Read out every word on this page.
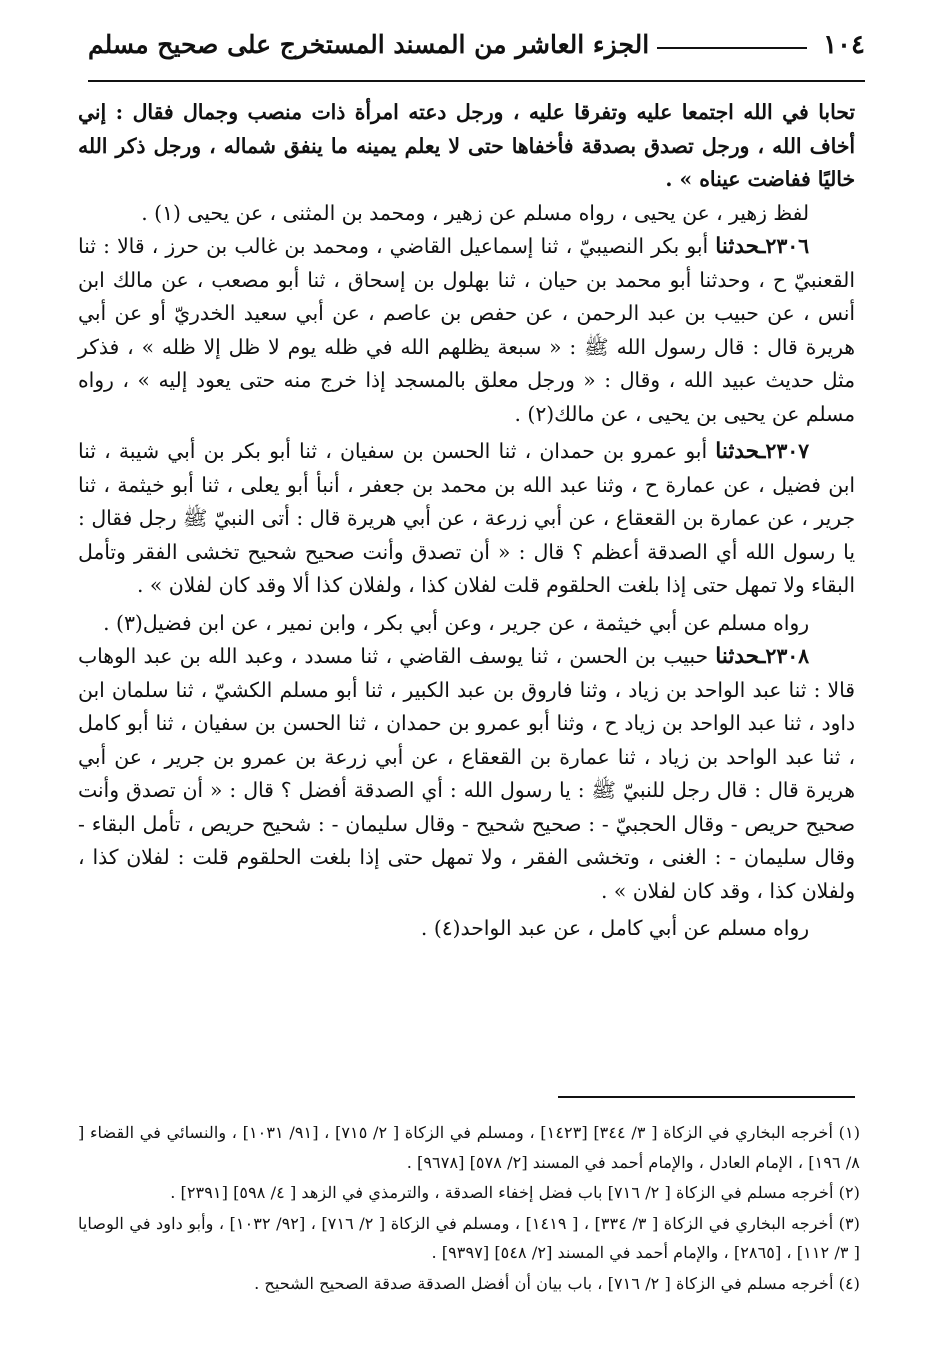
١٠٤
الجزء العاشر من المسند المستخرج على صحيح مسلم

تحابا في الله اجتمعا عليه وتفرقا عليه ، ورجل دعته امرأة ذات منصب وجمال فقال : إني أخاف الله ، ورجل تصدق بصدقة فأخفاها حتى لا يعلم يمينه ما ينفق شماله ، ورجل ذكر الله خاليًا ففاضت عيناه » .

لفظ زهير ، عن يحيى ، رواه مسلم عن زهير ، ومحمد بن المثنى ، عن يحيى (١) .

٢٣٠٦ـحدثنا أبو بكر النصيبيّ ، ثنا إسماعيل القاضي ، ومحمد بن غالب بن حرز ، قالا : ثنا القعنبيّ ح ، وحدثنا أبو محمد بن حيان ، ثنا بهلول بن إسحاق ، ثنا أبو مصعب ، عن مالك ابن أنس ، عن حبيب بن عبد الرحمن ، عن حفص بن عاصم ، عن أبي سعيد الخدريّ أو عن أبي هريرة قال : قال رسول الله ﷺ : « سبعة يظلهم الله في ظله يوم لا ظل إلا ظله » ، فذكر مثل حديث عبيد الله ، وقال : « ورجل معلق بالمسجد إذا خرج منه حتى يعود إليه » ، رواه مسلم عن يحيى بن يحيى ، عن مالك(٢) .

٢٣٠٧ـحدثنا أبو عمرو بن حمدان ، ثنا الحسن بن سفيان ، ثنا أبو بكر بن أبي شيبة ، ثنا ابن فضيل ، عن عمارة ح ، وثنا عبد الله بن محمد بن جعفر ، أنبأ أبو يعلى ، ثنا أبو خيثمة ، ثنا جرير ، عن عمارة بن القعقاع ، عن أبي زرعة ، عن أبي هريرة قال : أتى النبيّ ﷺ رجل فقال : يا رسول الله أي الصدقة أعظم ؟ قال : « أن تصدق وأنت صحيح شحيح تخشى الفقر وتأمل البقاء ولا تمهل حتى إذا بلغت الحلقوم قلت لفلان كذا ، ولفلان كذا ألا وقد كان لفلان » .

رواه مسلم عن أبي خيثمة ، عن جرير ، وعن أبي بكر ، وابن نمير ، عن ابن فضيل(٣) .

٢٣٠٨ـحدثنا حبيب بن الحسن ، ثنا يوسف القاضي ، ثنا مسدد ، وعبد الله بن عبد الوهاب قالا : ثنا عبد الواحد بن زياد ، وثنا فاروق بن عبد الكبير ، ثنا أبو مسلم الكشيّ ، ثنا سلمان ابن داود ، ثنا عبد الواحد بن زياد ح ، وثنا أبو عمرو بن حمدان ، ثنا الحسن بن سفيان ، ثنا أبو كامل ، ثنا عبد الواحد بن زياد ، ثنا عمارة بن القعقاع ، عن أبي زرعة بن عمرو بن جرير ، عن أبي هريرة قال : قال رجل للنبيّ ﷺ : يا رسول الله : أي الصدقة أفضل ؟ قال : « أن تصدق وأنت صحيح حريص - وقال الحجبيّ - : صحيح شحيح - وقال سليمان - : شحيح حريص ، تأمل البقاء - وقال سليمان - : الغنى ، وتخشى الفقر ، ولا تمهل حتى إذا بلغت الحلقوم قلت : لفلان كذا ، ولفلان كذا ، وقد كان لفلان » .

رواه مسلم عن أبي كامل ، عن عبد الواحد(٤) .

(١) أخرجه البخاري في الزكاة [ ٣/ ٣٤٤] [١٤٢٣] ، ومسلم في الزكاة [ ٢/ ٧١٥] ، [٩١/ ١٠٣١] ، والنسائي في القضاء [ ٨/ ١٩٦] ، الإمام العادل ، والإمام أحمد في المسند [٢/ ٥٧٨] [٩٦٧٨] .

(٢) أخرجه مسلم في الزكاة [ ٢/ ٧١٦] باب فضل إخفاء الصدقة ، والترمذي في الزهد [ ٤/ ٥٩٨] [٢٣٩١] .

(٣) أخرجه البخاري في الزكاة [ ٣/ ٣٣٤] ، [ ١٤١٩] ، ومسلم في الزكاة [ ٢/ ٧١٦] ، [٩٢/ ١٠٣٢] ، وأبو داود في الوصايا [ ٣/ ١١٢] ، [٢٨٦٥] ، والإمام أحمد في المسند [٢/ ٥٤٨] [٩٣٩٧] .

(٤) أخرجه مسلم في الزكاة [ ٢/ ٧١٦] ، باب بيان أن أفضل الصدقة صدقة الصحيح الشحيح .
